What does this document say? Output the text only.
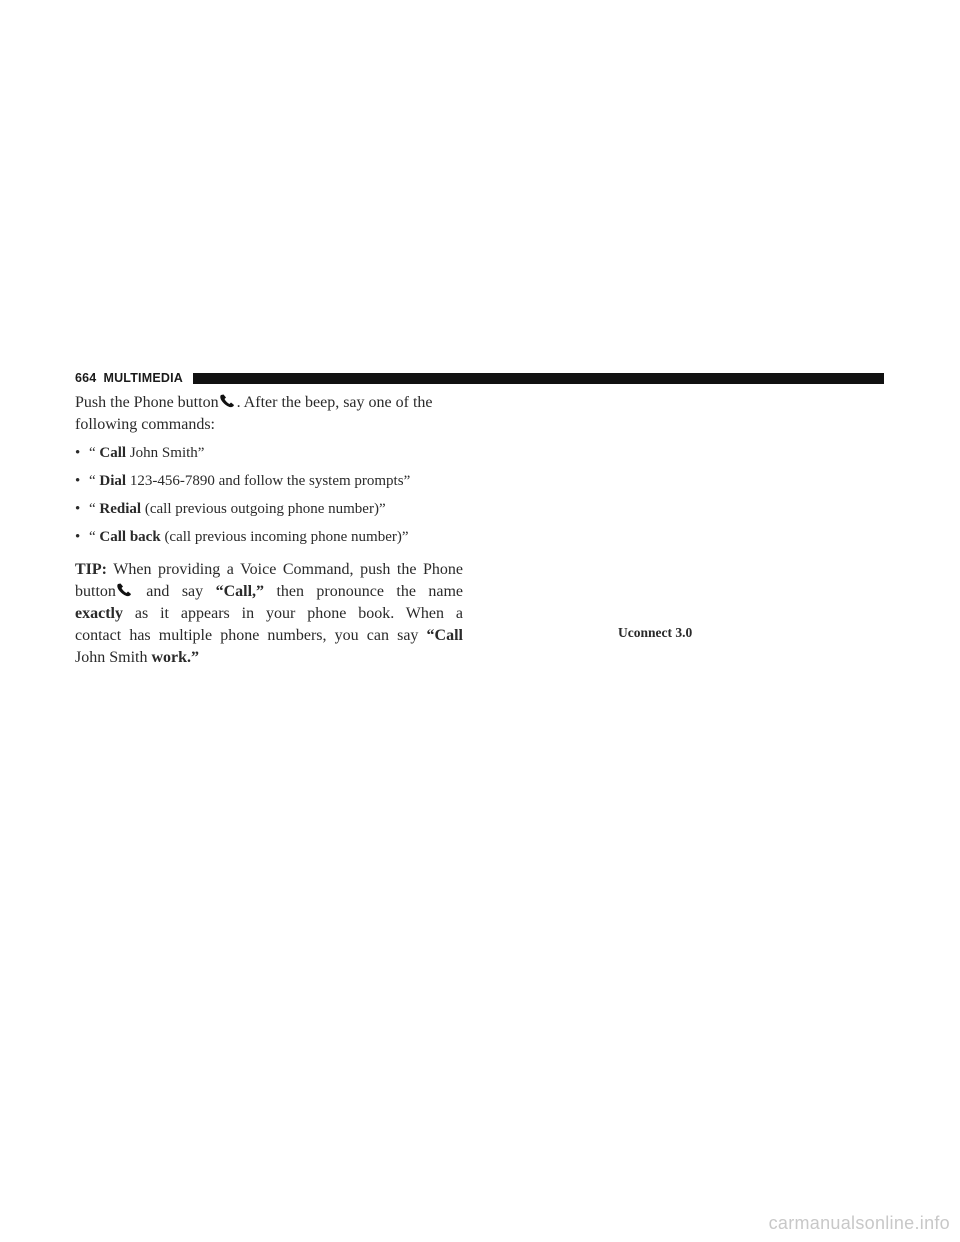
664 MULTIMEDIA

Push the Phone button . After the beep, say one of the
following commands:

• “ Call John Smith”
• “ Dial 123-456-7890 and follow the system prompts”
• “ Redial (call previous outgoing phone number)”
• “ Call back (call previous incoming phone number)”
TIP: When providing a Voice Command, push the Phone
button and say “Call,” then pronounce the name
exactly as it appears in your phone book. When a
contact has multiple phone numbers, you can say “Call
John Smith work.”
Uconnect 3.0
carmanualsonline.info
